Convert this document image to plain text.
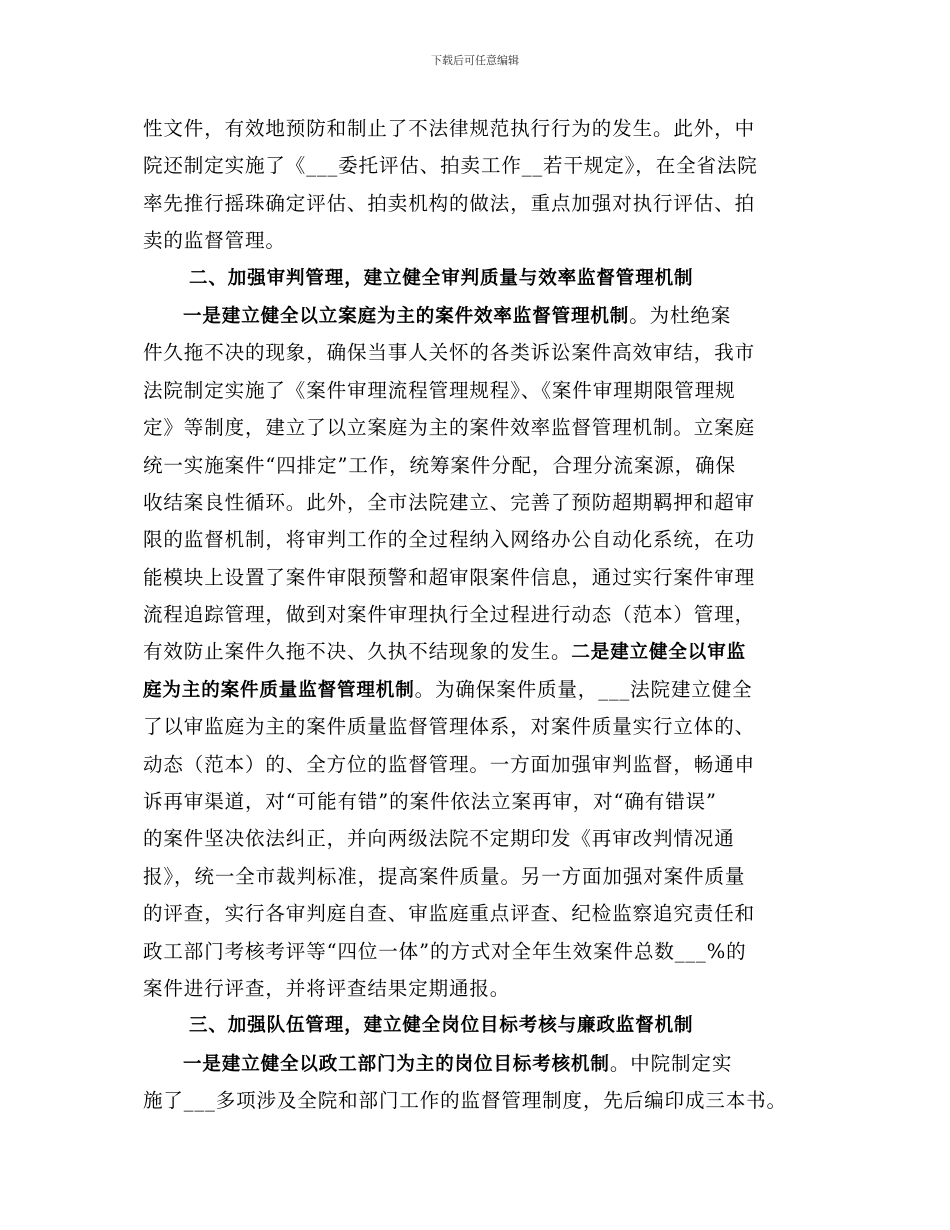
下载后可任意编辑
性文件，有效地预防和制止了不法律规范执行行为的发生。此外，中
院还制定实施了《___委托评估、拍卖工作__若干规定》，在全省法院
率先推行摇珠确定评估、拍卖机构的做法，重点加强对执行评估、拍
卖的监督管理。
二、加强审判管理，建立健全审判质量与效率监督管理机制
一是建立健全以立案庭为主的案件效率监督管理机制。为杜绝案
件久拖不决的现象，确保当事人关怀的各类诉讼案件高效审结，我市
法院制定实施了《案件审理流程管理规程》、《案件审理期限管理规
定》等制度，建立了以立案庭为主的案件效率监督管理机制。立案庭
统一实施案件“四排定”工作，统筹案件分配，合理分流案源，确保
收结案良性循环。此外，全市法院建立、完善了预防超期羁押和超审
限的监督机制，将审判工作的全过程纳入网络办公自动化系统，在功
能模块上设置了案件审限预警和超审限案件信息，通过实行案件审理
流程追踪管理，做到对案件审理执行全过程进行动态（范本）管理，
有效防止案件久拖不决、久执不结现象的发生。二是建立健全以审监
庭为主的案件质量监督管理机制。为确保案件质量，___法院建立健全
了以审监庭为主的案件质量监督管理体系，对案件质量实行立体的、
动态（范本）的、全方位的监督管理。一方面加强审判监督，畅通申
诉再审渠道，对“可能有错”的案件依法立案再审，对“确有错误”
的案件坚决依法纠正，并向两级法院不定期印发《再审改判情况通
报》，统一全市裁判标准，提高案件质量。另一方面加强对案件质量
的评查，实行各审判庭自查、审监庭重点评查、纪检监察追究责任和
政工部门考核考评等“四位一体”的方式对全年生效案件总数___%的
案件进行评查，并将评查结果定期通报。
三、加强队伍管理，建立健全岗位目标考核与廉政监督机制
一是建立健全以政工部门为主的岗位目标考核机制。中院制定实
施了___多项涉及全院和部门工作的监督管理制度，先后编印成三本书。
